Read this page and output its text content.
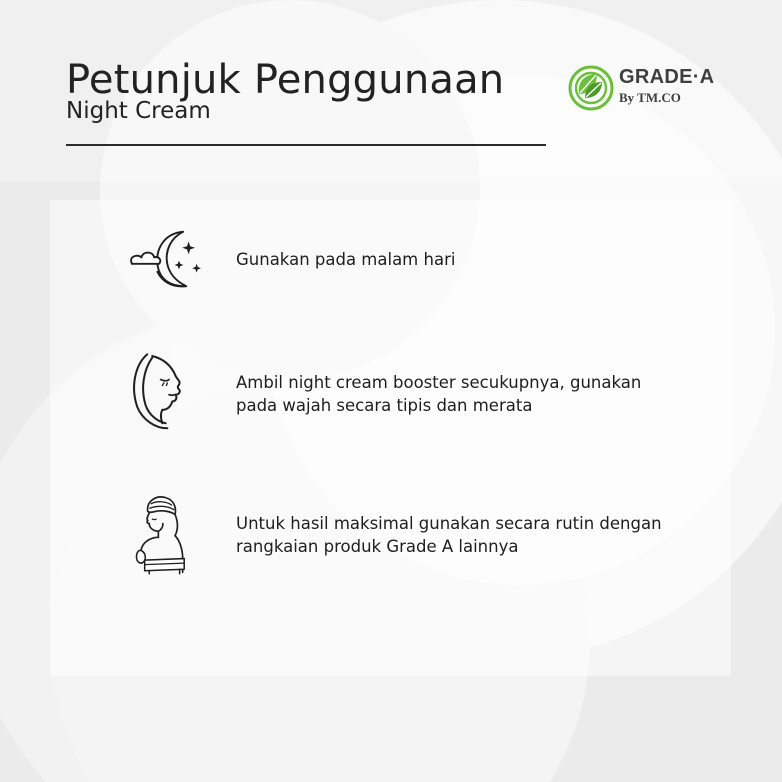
Petunjuk Penggunaan
Night Cream
GRADE·A
By TM.CO
Gunakan pada malam hari
Ambil night cream booster secukupnya, gunakan
pada wajah secara tipis dan merata
Untuk hasil maksimal gunakan secara rutin dengan
rangkaian produk Grade A lainnya
